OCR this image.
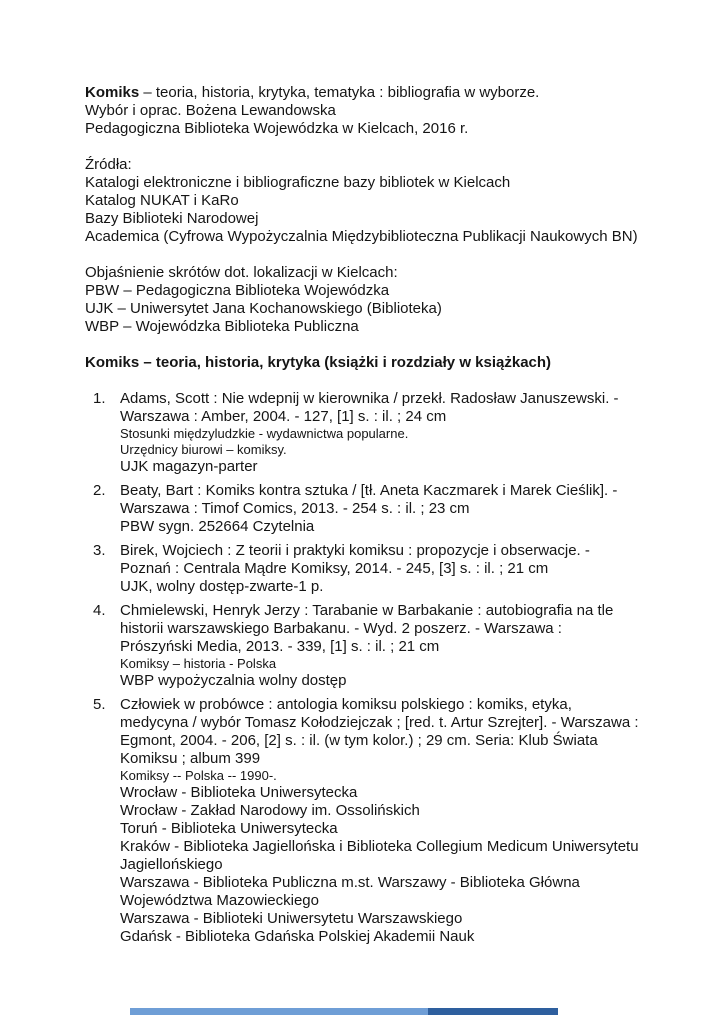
Komiks – teoria, historia, krytyka, tematyka : bibliografia w wyborze.

Wybór i oprac. Bożena Lewandowska

Pedagogiczna Biblioteka Wojewódzka w Kielcach, 2016 r.

Źródła:

Katalogi elektroniczne i bibliograficzne bazy bibliotek w Kielcach
Katalog NUKAT i KaRo
Bazy Biblioteki Narodowej
Academica (Cyfrowa Wypożyczalnia Międzybiblioteczna Publikacji Naukowych BN)

Objaśnienie skrótów dot. lokalizacji w Kielcach:

PBW – Pedagogiczna Biblioteka Wojewódzka
UJK – Uniwersytet Jana Kochanowskiego (Biblioteka)
WBP – Wojewódzka Biblioteka Publiczna

Komiks – teoria, historia, krytyka (książki i rozdziały w książkach)

1. Adams, Scott : Nie wdepnij w kierownika / przekł. Radosław Januszewski. -
Warszawa : Amber, 2004. - 127, [1] s. : il. ; 24 cm
Stosunki międzyludzkie - wydawnictwa popularne.
Urzędnicy biurowi – komiksy.
UJK magazyn-parter
2. Beaty, Bart : Komiks kontra sztuka / [tł. Aneta Kaczmarek i Marek Cieślik]. -
Warszawa : Timof Comics, 2013. - 254 s. : il. ; 23 cm
PBW sygn. 252664 Czytelnia
3. Birek, Wojciech : Z teorii i praktyki komiksu : propozycje i obserwacje. -
Poznań : Centrala Mądre Komiksy, 2014. - 245, [3] s. : il. ; 21 cm
UJK, wolny dostęp-zwarte-1 p.
4. Chmielewski, Henryk Jerzy : Tarabanie w Barbakanie : autobiografia na tle
historii warszawskiego Barbakanu. - Wyd. 2 poszerz. - Warszawa :
Prószyński Media, 2013. - 339, [1] s. : il. ; 21 cm
Komiksy – historia - Polska
WBP wypożyczalnia wolny dostęp
5. Człowiek w probówce : antologia komiksu polskiego : komiks, etyka,
medycyna / wybór Tomasz Kołodziejczak ; [red. t. Artur Szrejter]. - Warszawa :
Egmont, 2004. - 206, [2] s. : il. (w tym kolor.) ; 29 cm. Seria: Klub Świata
Komiksu ; album 399
Komiksy -- Polska -- 1990-.
Wrocław - Biblioteka Uniwersytecka
Wrocław - Zakład Narodowy im. Ossolińskich
Toruń - Biblioteka Uniwersytecka
Kraków - Biblioteka Jagiellońska i Biblioteka Collegium Medicum Uniwersytetu
Jagiellońskiego
Warszawa - Biblioteka Publiczna m.st. Warszawy - Biblioteka Główna
Województwa Mazowieckiego
Warszawa - Biblioteki Uniwersytetu Warszawskiego
Gdańsk - Biblioteka Gdańska Polskiej Akademii Nauk
